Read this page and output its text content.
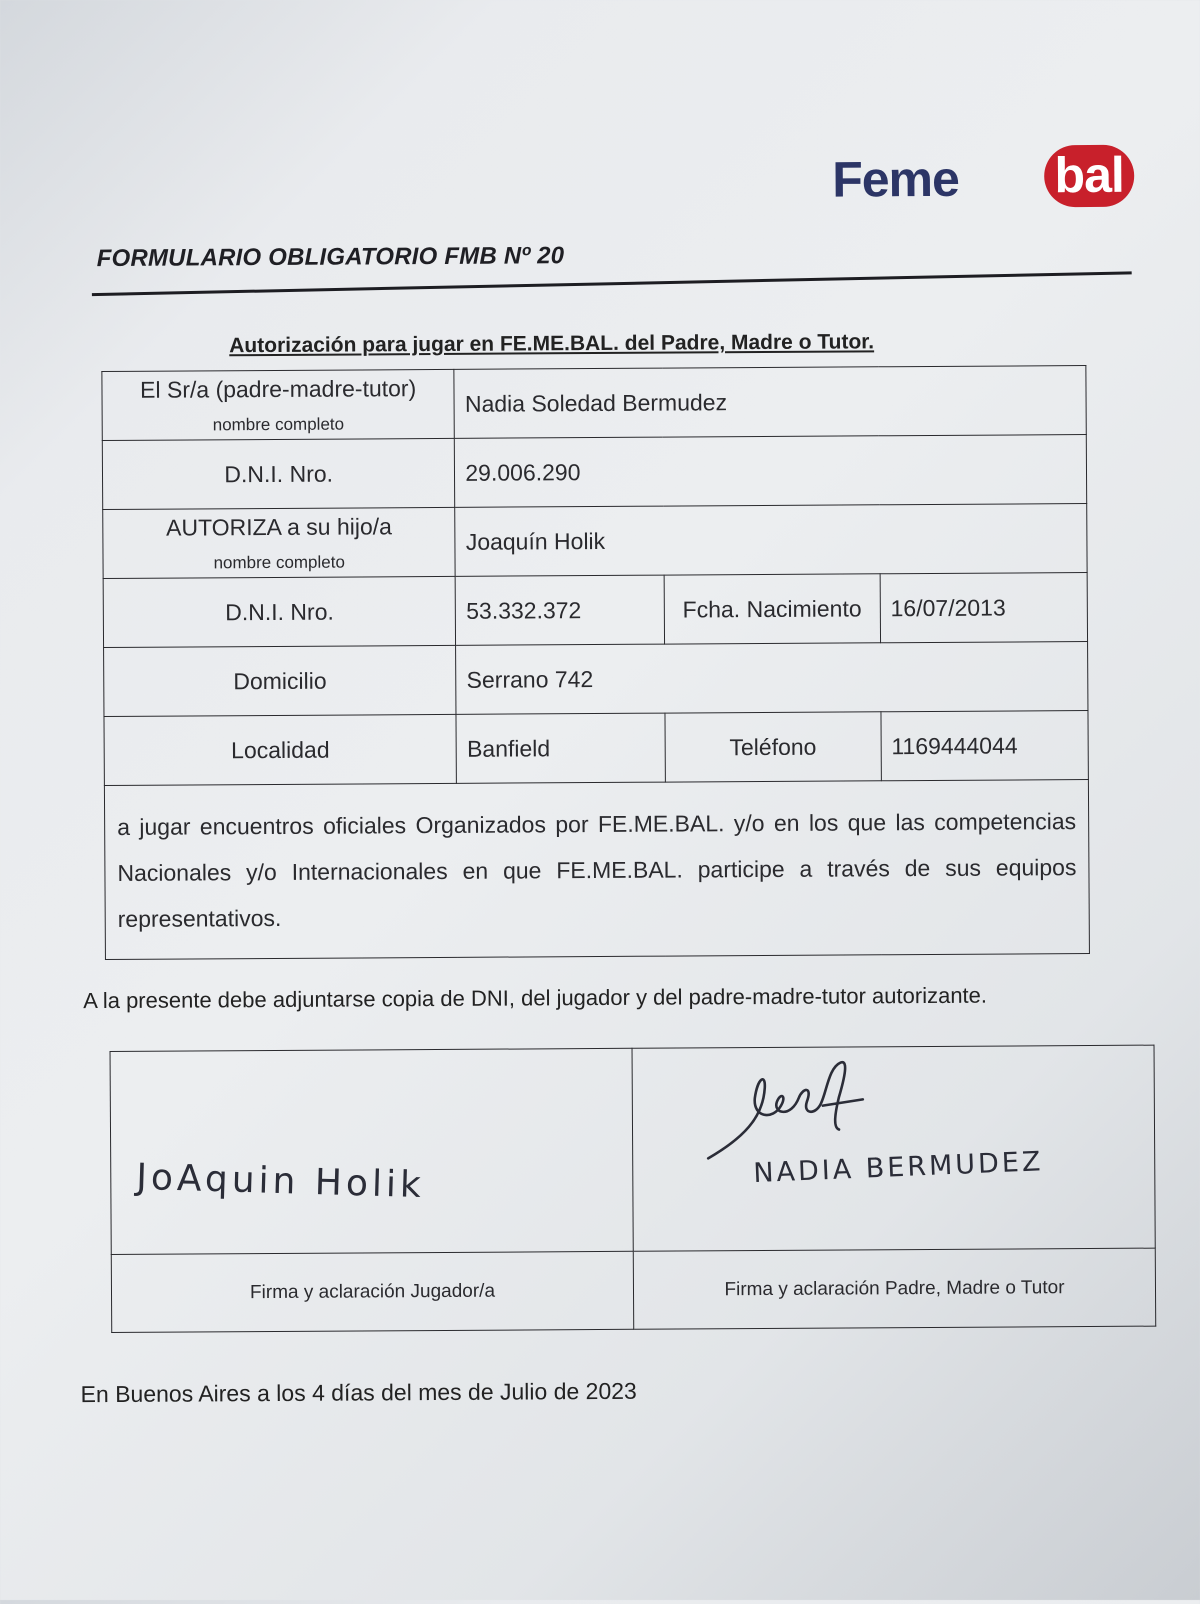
Feme bal
FORMULARIO OBLIGATORIO FMB Nº 20
Autorización para jugar en FE.ME.BAL. del Padre, Madre o Tutor.
El Sr/a (padre-madre-tutor)
nombre completo	Nadia Soledad Bermudez		
D.N.I. Nro.	29.006.290		
AUTORIZA a su hijo/a
nombre completo	Joaquín Holik		
D.N.I. Nro.	53.332.372	Fcha. Nacimiento	16/07/2013
Domicilio	Serrano 742		
Localidad	Banfield	Teléfono	1169444044
a jugar encuentros oficiales Organizados por FE.ME.BAL. y/o en los que las competencias Nacionales y/o Internacionales en que FE.ME.BAL. participe a través de sus equipos representativos.			
A la presente debe adjuntarse copia de DNI, del jugador y del padre-madre-tutor autorizante.
JoAquin Holik	NADIA BERMUDEZ

Firma y aclaración Jugador/a	Firma y aclaración Padre, Madre o Tutor
En Buenos Aires a los 4 días del mes de Julio de 2023
